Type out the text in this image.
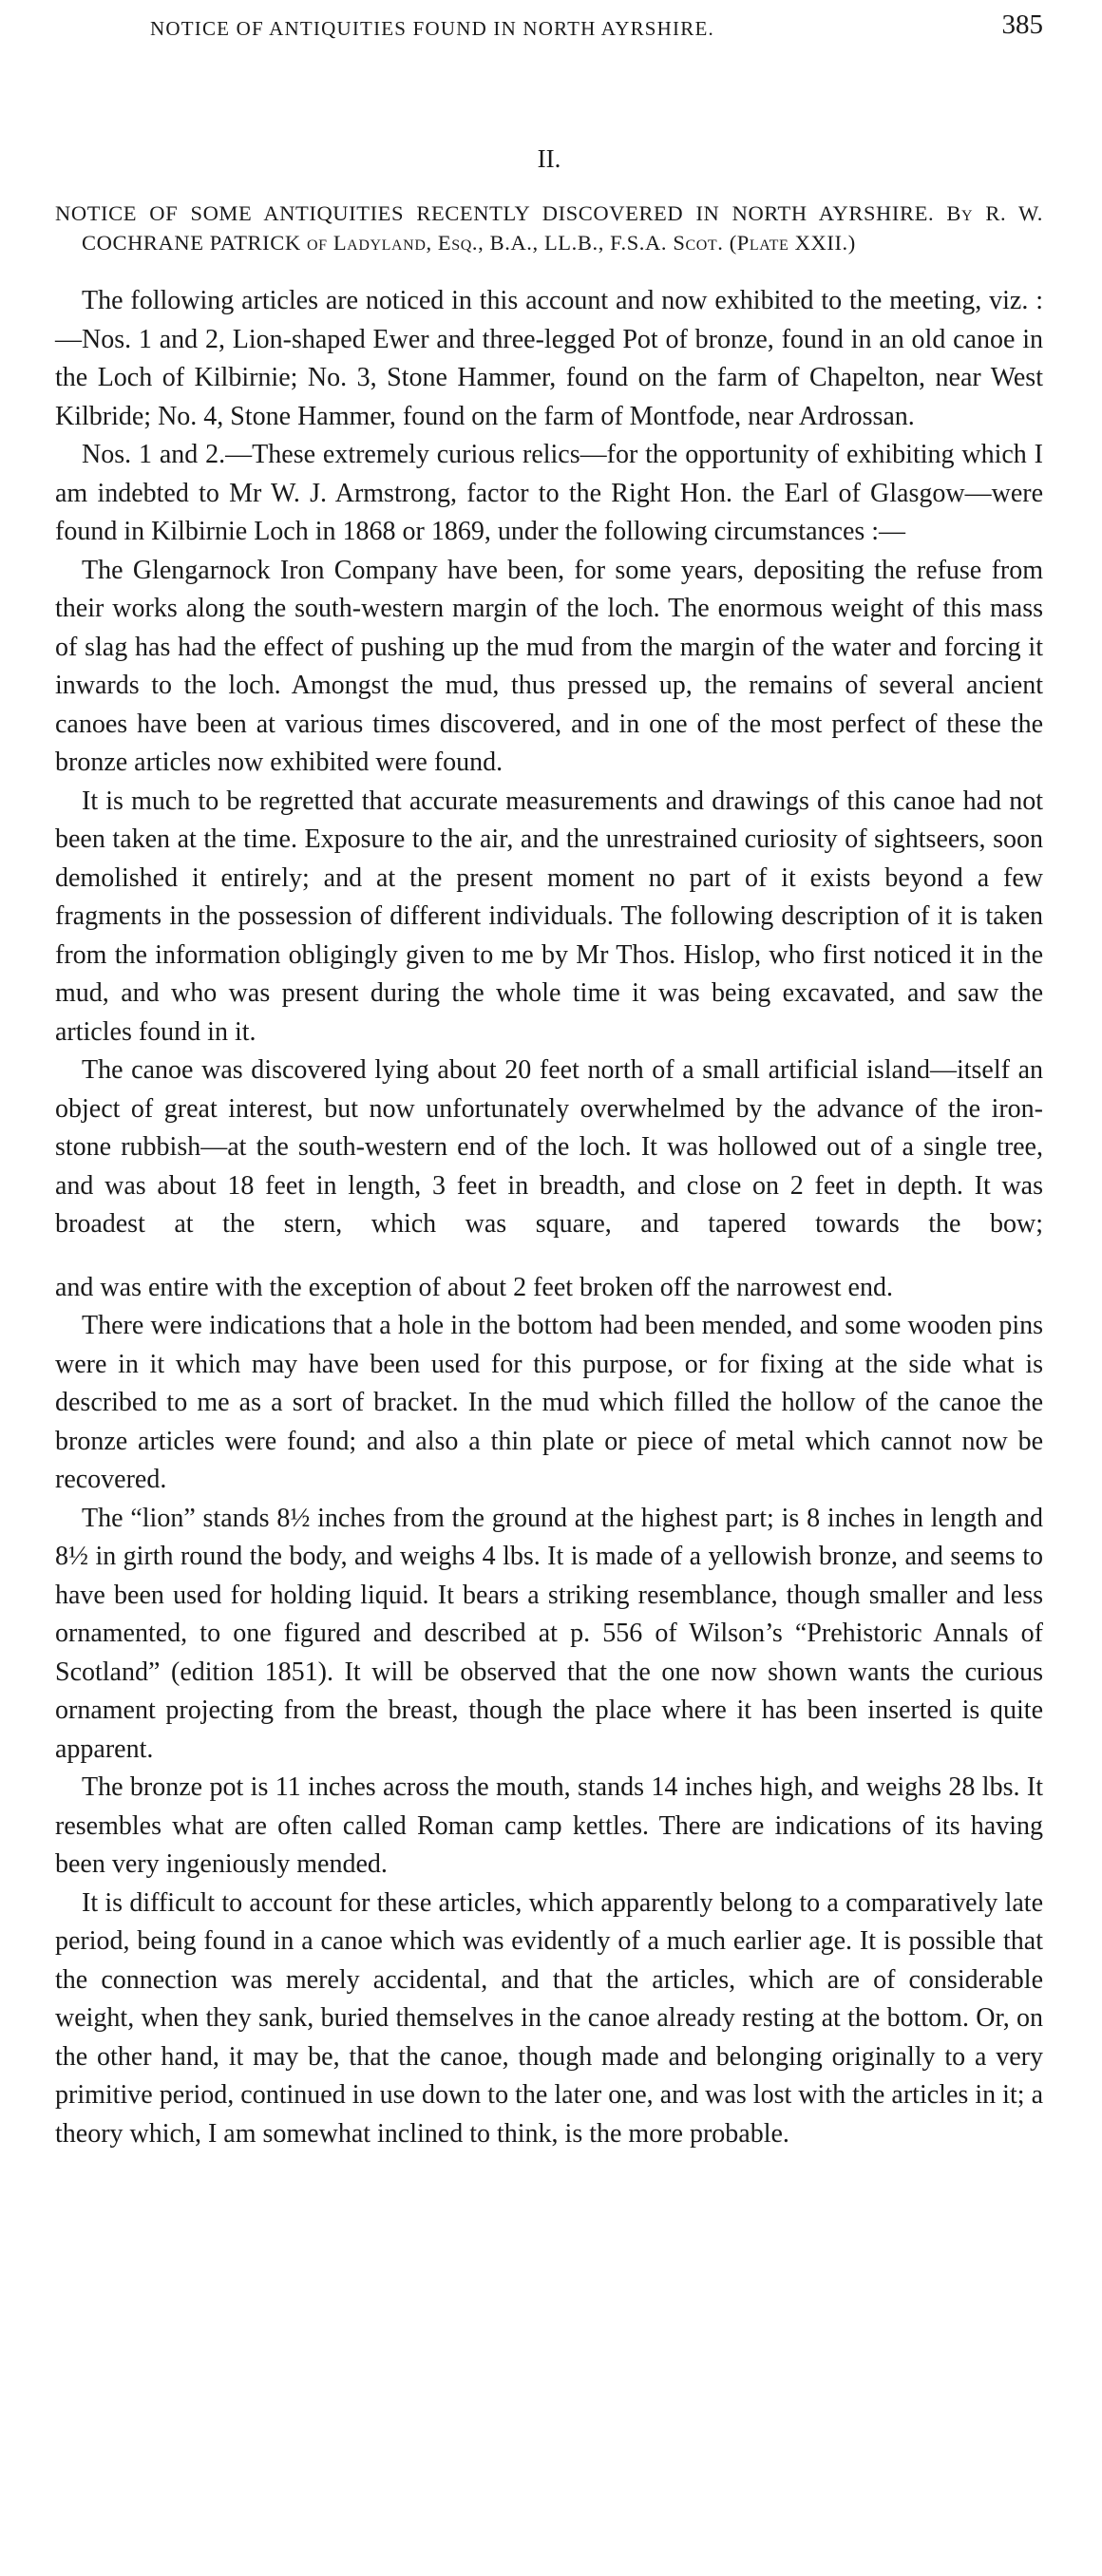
NOTICE OF ANTIQUITIES FOUND IN NORTH AYRSHIRE.	385
II.

NOTICE OF SOME ANTIQUITIES RECENTLY DISCOVERED IN NORTH AYRSHIRE. By R. W. COCHRANE PATRICK of Ladyland, Esq., B.A., LL.B., F.S.A. Scot. (Plate XXII.)

The following articles are noticed in this account and now exhibited to the meeting, viz. :—Nos. 1 and 2, Lion-shaped Ewer and three-legged Pot of bronze, found in an old canoe in the Loch of Kilbirnie; No. 3, Stone Hammer, found on the farm of Chapelton, near West Kilbride; No. 4, Stone Hammer, found on the farm of Montfode, near Ardrossan.

Nos. 1 and 2.—These extremely curious relics—for the opportunity of exhibiting which I am indebted to Mr W. J. Armstrong, factor to the Right Hon. the Earl of Glasgow—were found in Kilbirnie Loch in 1868 or 1869, under the following circumstances :—

The Glengarnock Iron Company have been, for some years, depositing the refuse from their works along the south-western margin of the loch. The enormous weight of this mass of slag has had the effect of pushing up the mud from the margin of the water and forcing it inwards to the loch. Amongst the mud, thus pressed up, the remains of several ancient canoes have been at various times discovered, and in one of the most perfect of these the bronze articles now exhibited were found.

It is much to be regretted that accurate measurements and drawings of this canoe had not been taken at the time. Exposure to the air, and the unrestrained curiosity of sightseers, soon demolished it entirely; and at the present moment no part of it exists beyond a few fragments in the possession of different individuals. The following description of it is taken from the information obligingly given to me by Mr Thos. Hislop, who first noticed it in the mud, and who was present during the whole time it was being excavated, and saw the articles found in it.

The canoe was discovered lying about 20 feet north of a small artificial island—itself an object of great interest, but now unfortunately overwhelmed by the advance of the iron-stone rubbish—at the south-western end of the loch. It was hollowed out of a single tree, and was about 18 feet in length, 3 feet in breadth, and close on 2 feet in depth. It was broadest at the stern, which was square, and tapered towards the bow;

and was entire with the exception of about 2 feet broken off the narrowest end.

There were indications that a hole in the bottom had been mended, and some wooden pins were in it which may have been used for this purpose, or for fixing at the side what is described to me as a sort of bracket. In the mud which filled the hollow of the canoe the bronze articles were found; and also a thin plate or piece of metal which cannot now be recovered.

The “lion” stands 8½ inches from the ground at the highest part; is 8 inches in length and 8½ in girth round the body, and weighs 4 lbs. It is made of a yellowish bronze, and seems to have been used for holding liquid. It bears a striking resemblance, though smaller and less ornamented, to one figured and described at p. 556 of Wilson’s “Prehistoric Annals of Scotland” (edition 1851). It will be observed that the one now shown wants the curious ornament projecting from the breast, though the place where it has been inserted is quite apparent.

The bronze pot is 11 inches across the mouth, stands 14 inches high, and weighs 28 lbs. It resembles what are often called Roman camp kettles. There are indications of its having been very ingeniously mended.

It is difficult to account for these articles, which apparently belong to a comparatively late period, being found in a canoe which was evidently of a much earlier age. It is possible that the connection was merely accidental, and that the articles, which are of considerable weight, when they sank, buried themselves in the canoe already resting at the bottom. Or, on the other hand, it may be, that the canoe, though made and belonging originally to a very primitive period, continued in use down to the later one, and was lost with the articles in it; a theory which, I am somewhat inclined to think, is the more probable.
